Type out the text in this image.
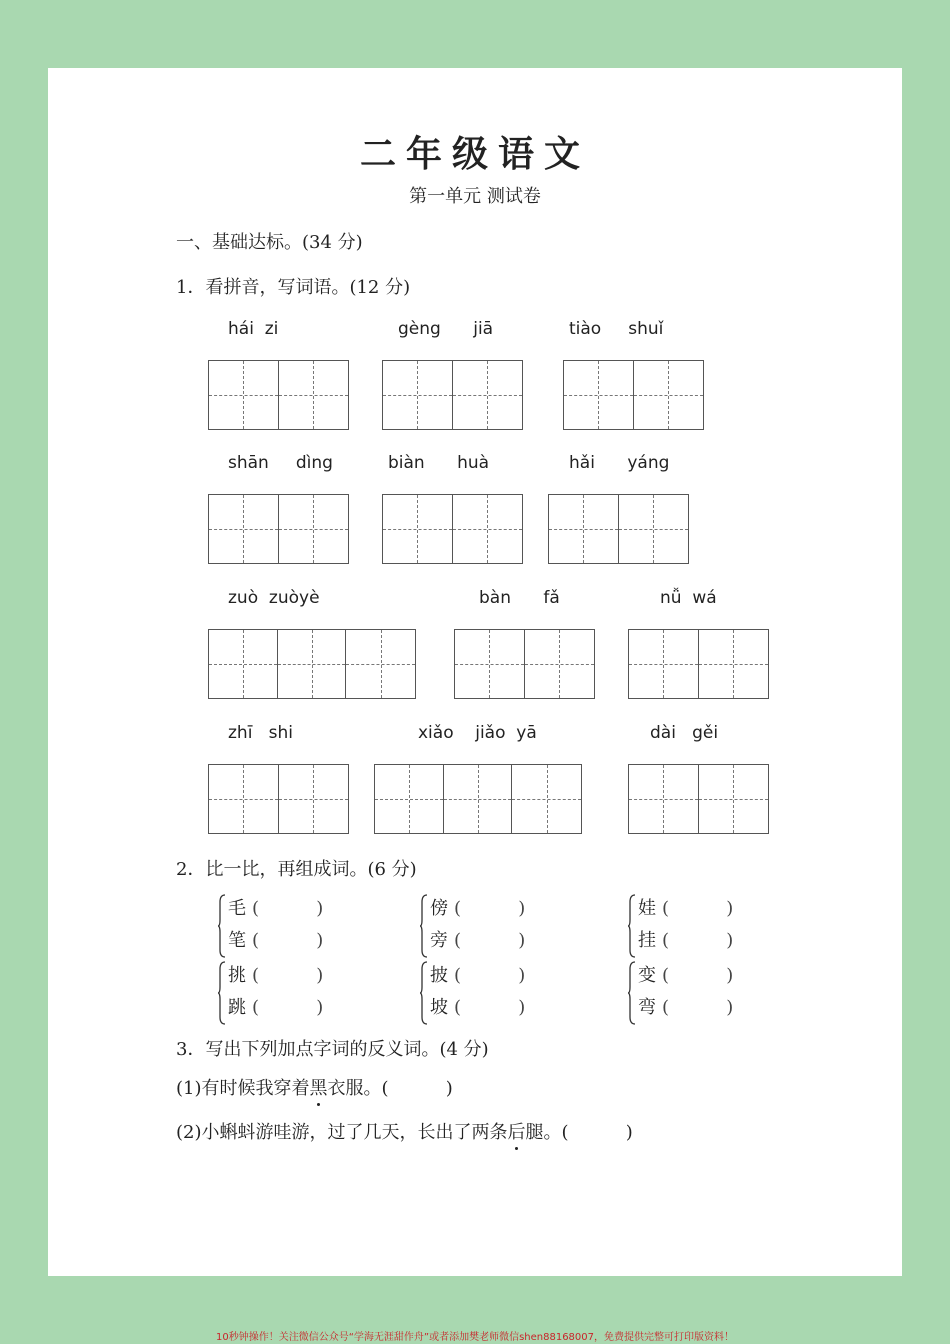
二年级语文
第一单元 测试卷
一、基础达标。(34 分)
1．看拼音，写词语。(12 分)
hái  zi	gèng      jiā	tiào     shuǐ
shān     dìng	biàn      huà	hǎi      yáng
zuò  zuòyè	bàn      fǎ	nǚ  wá
zhī   shi	xiǎo    jiǎo  yā	dài   gěi
2．比一比，再组成词。(6 分)
毛 (          )
笔 (          )
傍 (          )
旁 (          )
娃 (          )
挂 (          )
挑 (          )
跳 (          )
披 (          )
坡 (          )
变 (          )
弯 (          )
3．写出下列加点字词的反义词。(4 分)
(1)有时候我穿着黑衣服。(          )
(2)小蝌蚪游哇游，过了几天，长出了两条后腿。(          )
10秒钟操作！关注微信公众号“学海无涯甜作舟”或者添加樊老师微信shen88168007，免费提供完整可打印版资料！
